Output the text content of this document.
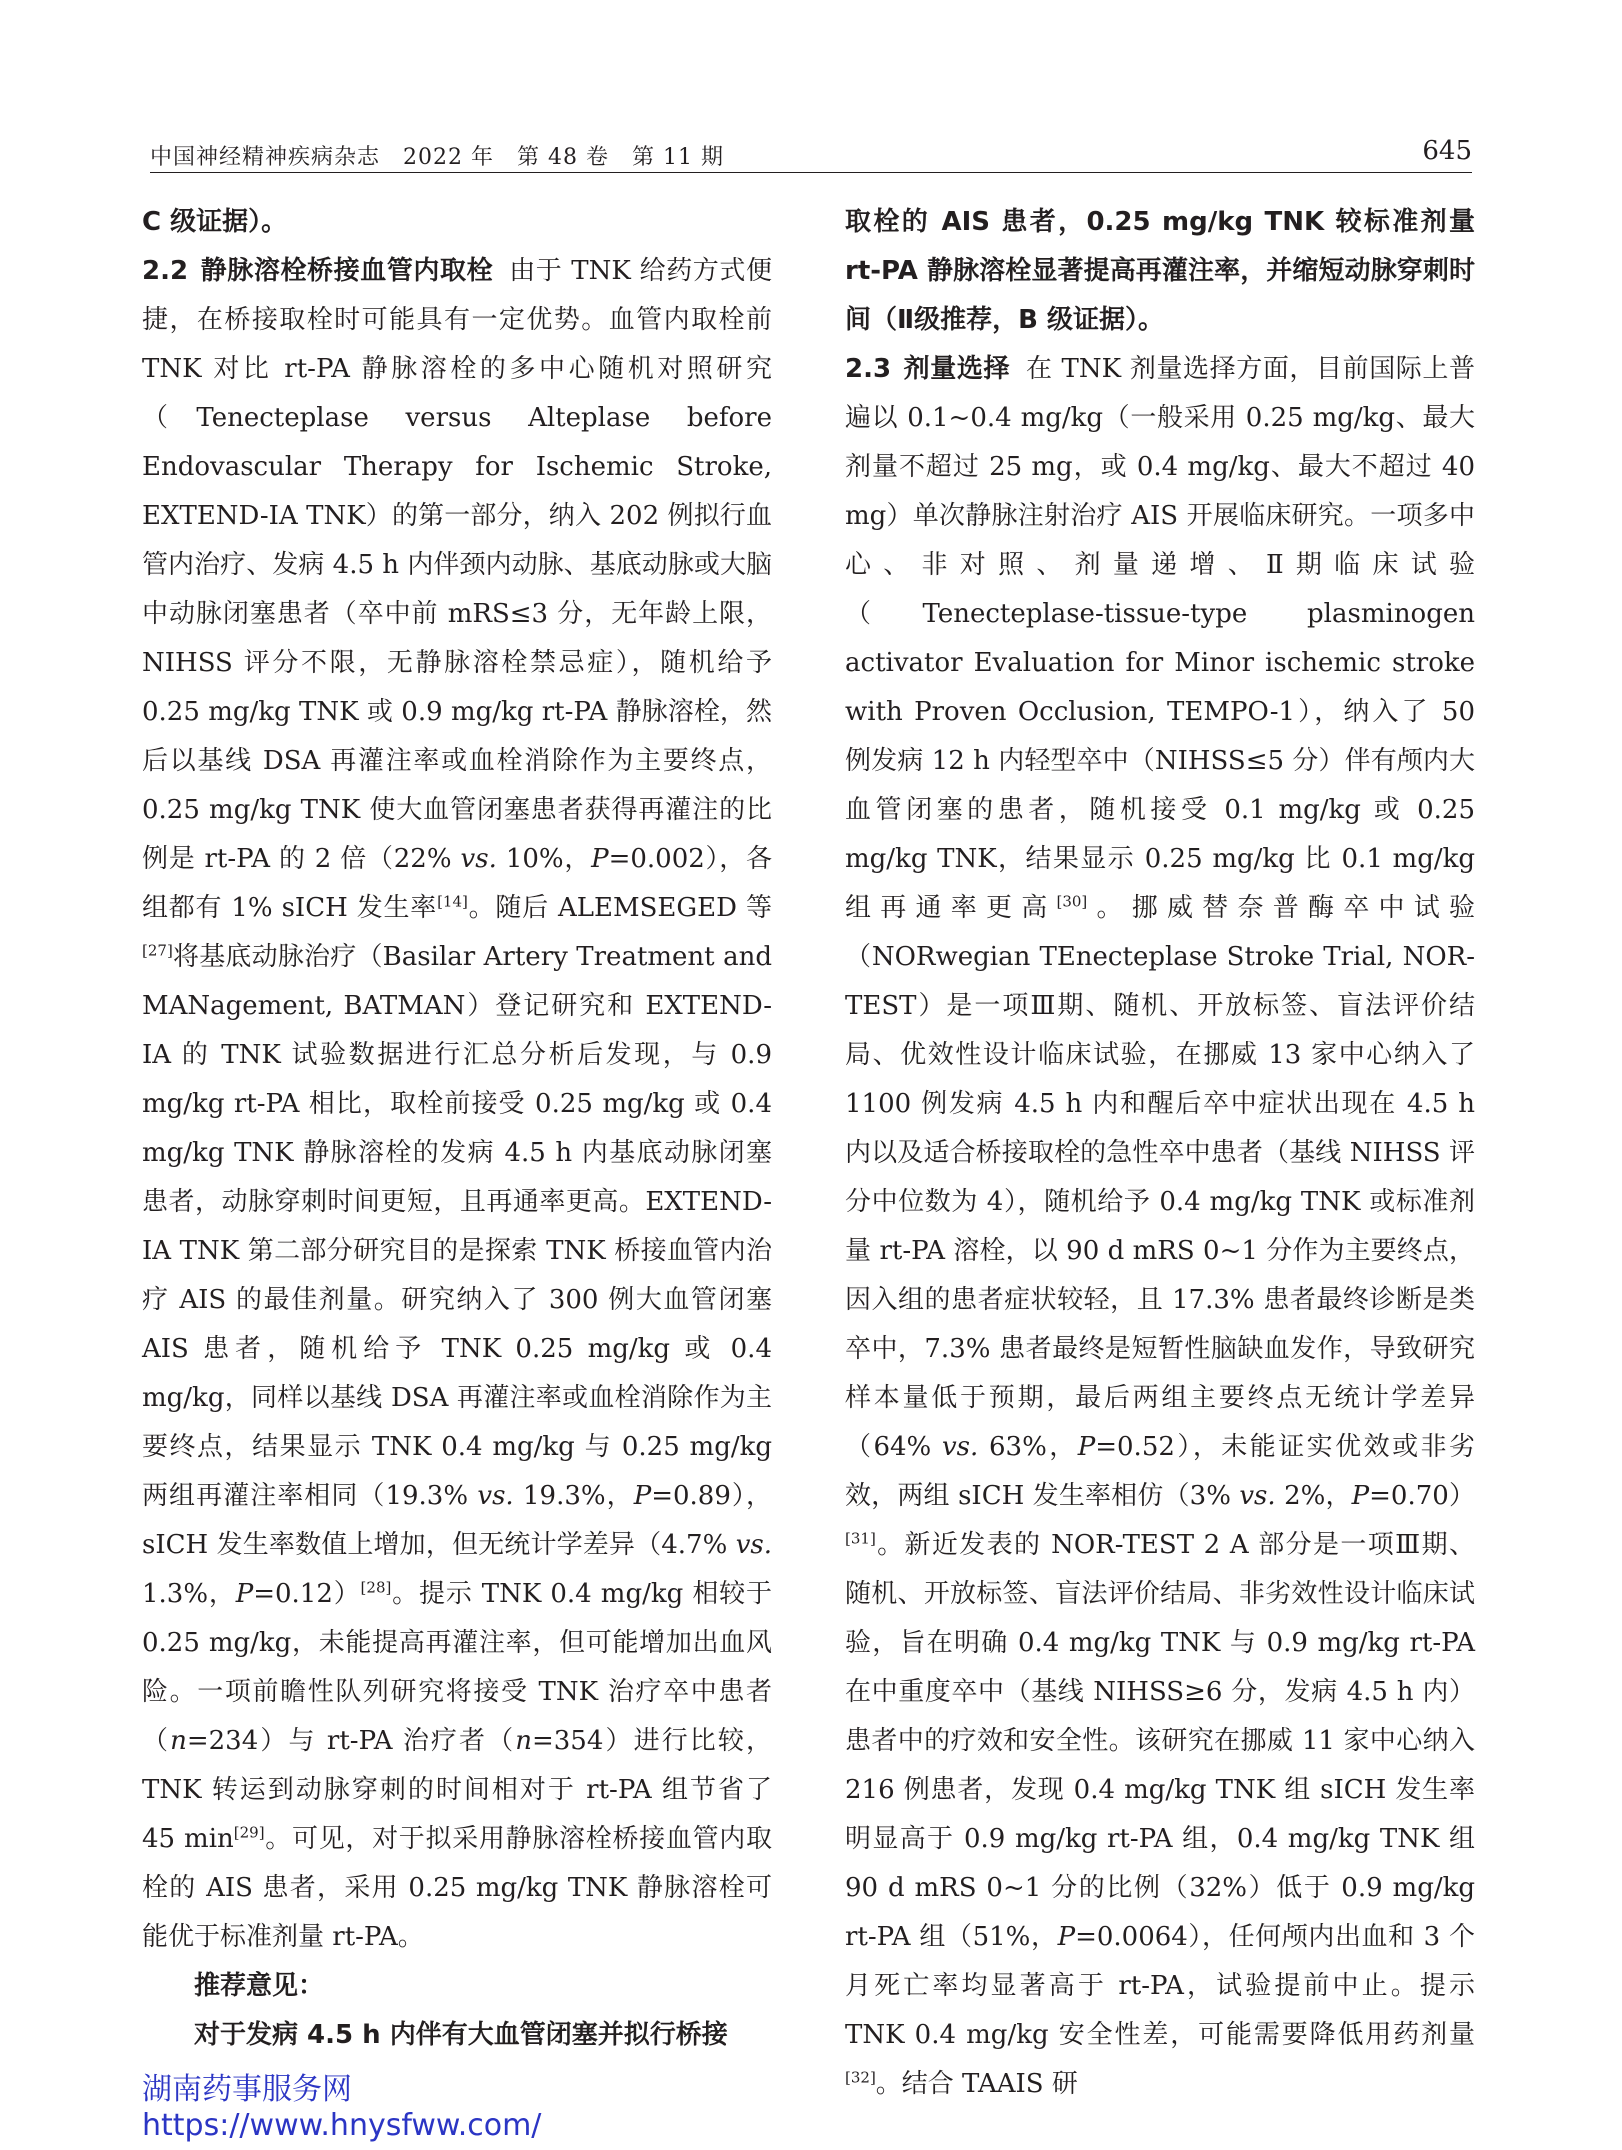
中国神经精神疾病杂志　2022 年　第 48 卷　第 11 期	645

C 级证据）。

2.2 静脉溶栓桥接血管内取栓 由于 TNK 给药方式便捷，在桥接取栓时可能具有一定优势。血管内取栓前 TNK 对比 rt-PA 静脉溶栓的多中心随机对照研究（Tenecteplase versus Alteplase before Endovascular Therapy for Ischemic Stroke, EXTEND-IA TNK）的第一部分，纳入 202 例拟行血管内治疗、发病 4.5 h 内伴颈内动脉、基底动脉或大脑中动脉闭塞患者（卒中前 mRS≤3 分，无年龄上限，NIHSS 评分不限，无静脉溶栓禁忌症），随机给予 0.25 mg/kg TNK 或 0.9 mg/kg rt-PA 静脉溶栓，然后以基线 DSA 再灌注率或血栓消除作为主要终点，0.25 mg/kg TNK 使大血管闭塞患者获得再灌注的比例是 rt-PA 的 2 倍（22% vs. 10%，P=0.002），各组都有 1% sICH 发生率[14]。随后 ALEMSEGED 等[27]将基底动脉治疗（Basilar Artery Treatment and MANagement, BATMAN）登记研究和 EXTEND-IA 的 TNK 试验数据进行汇总分析后发现，与 0.9 mg/kg rt-PA 相比，取栓前接受 0.25 mg/kg 或 0.4 mg/kg TNK 静脉溶栓的发病 4.5 h 内基底动脉闭塞患者，动脉穿刺时间更短，且再通率更高。EXTEND-IA TNK 第二部分研究目的是探索 TNK 桥接血管内治疗 AIS 的最佳剂量。研究纳入了 300 例大血管闭塞 AIS 患者，随机给予 TNK 0.25 mg/kg 或 0.4 mg/kg，同样以基线 DSA 再灌注率或血栓消除作为主要终点，结果显示 TNK 0.4 mg/kg 与 0.25 mg/kg 两组再灌注率相同（19.3% vs. 19.3%，P=0.89），sICH 发生率数值上增加，但无统计学差异（4.7% vs. 1.3%，P=0.12）[28]。提示 TNK 0.4 mg/kg 相较于 0.25 mg/kg，未能提高再灌注率，但可能增加出血风险。一项前瞻性队列研究将接受 TNK 治疗卒中患者（n=234）与 rt-PA 治疗者（n=354）进行比较，TNK 转运到动脉穿刺的时间相对于 rt-PA 组节省了 45 min[29]。可见，对于拟采用静脉溶栓桥接血管内取栓的 AIS 患者，采用 0.25 mg/kg TNK 静脉溶栓可能优于标准剂量 rt-PA。

推荐意见：

对于发病 4.5 h 内伴有大血管闭塞并拟行桥接

取栓的 AIS 患者，0.25 mg/kg TNK 较标准剂量 rt-PA 静脉溶栓显著提高再灌注率，并缩短动脉穿刺时间（Ⅱ级推荐，B 级证据）。

2.3 剂量选择 在 TNK 剂量选择方面，目前国际上普遍以 0.1~0.4 mg/kg（一般采用 0.25 mg/kg、最大剂量不超过 25 mg，或 0.4 mg/kg、最大不超过 40 mg）单次静脉注射治疗 AIS 开展临床研究。一项多中心、非对照、剂量递增、Ⅱ期临床试验（Tenecteplase-tissue-type plasminogen activator Evaluation for Minor ischemic stroke with Proven Occlusion, TEMPO-1），纳入了 50 例发病 12 h 内轻型卒中（NIHSS≤5 分）伴有颅内大血管闭塞的患者，随机接受 0.1 mg/kg 或 0.25 mg/kg TNK，结果显示 0.25 mg/kg 比 0.1 mg/kg 组再通率更高[30]。挪威替奈普酶卒中试验（NORwegian TEnecteplase Stroke Trial, NOR-TEST）是一项Ⅲ期、随机、开放标签、盲法评价结局、优效性设计临床试验，在挪威 13 家中心纳入了 1100 例发病 4.5 h 内和醒后卒中症状出现在 4.5 h 内以及适合桥接取栓的急性卒中患者（基线 NIHSS 评分中位数为 4），随机给予 0.4 mg/kg TNK 或标准剂量 rt-PA 溶栓，以 90 d mRS 0~1 分作为主要终点，因入组的患者症状较轻，且 17.3% 患者最终诊断是类卒中，7.3% 患者最终是短暂性脑缺血发作，导致研究样本量低于预期，最后两组主要终点无统计学差异（64% vs. 63%，P=0.52），未能证实优效或非劣效，两组 sICH 发生率相仿（3% vs. 2%，P=0.70）[31]。新近发表的 NOR-TEST 2 A 部分是一项Ⅲ期、随机、开放标签、盲法评价结局、非劣效性设计临床试验，旨在明确 0.4 mg/kg TNK 与 0.9 mg/kg rt-PA 在中重度卒中（基线 NIHSS≥6 分，发病 4.5 h 内）患者中的疗效和安全性。该研究在挪威 11 家中心纳入 216 例患者，发现 0.4 mg/kg TNK 组 sICH 发生率明显高于 0.9 mg/kg rt-PA 组，0.4 mg/kg TNK 组 90 d mRS 0~1 分的比例（32%）低于 0.9 mg/kg rt-PA 组（51%，P=0.0064），任何颅内出血和 3 个月死亡率均显著高于 rt-PA，试验提前中止。提示 TNK 0.4 mg/kg 安全性差，可能需要降低用药剂量[32]。结合 TAAIS 研

湖南药事服务网
https://www.hnysfww.com/
